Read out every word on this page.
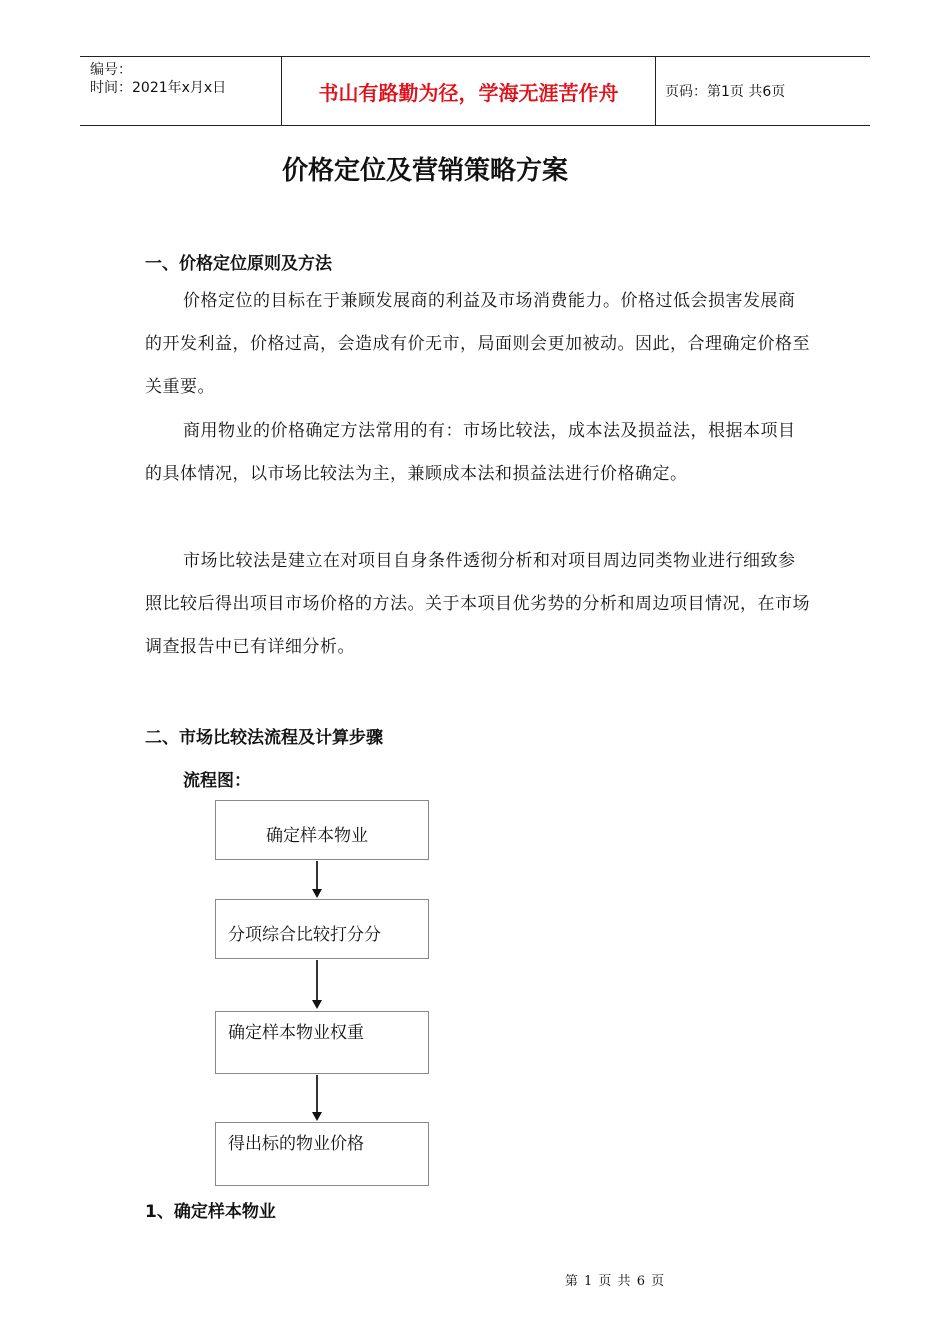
编号：
时间：2021年x月x日	书山有路勤为径，学海无涯苦作舟	页码：第1页 共6页
价格定位及营销策略方案
一、价格定位原则及方法
价格定位的目标在于兼顾发展商的利益及市场消费能力。价格过低会损害发展商的开发利益，价格过高，会造成有价无市，局面则会更加被动。因此，合理确定价格至关重要。
商用物业的价格确定方法常用的有：市场比较法，成本法及损益法，根据本项目的具体情况，以市场比较法为主，兼顾成本法和损益法进行价格确定。
市场比较法是建立在对项目自身条件透彻分析和对项目周边同类物业进行细致参照比较后得出项目市场价格的方法。关于本项目优劣势的分析和周边项目情况，在市场调查报告中已有详细分析。
二、市场比较法流程及计算步骤
流程图：
确定样本物业
分项综合比较打分分
确定样本物业权重
得出标的物业价格
1、确定样本物业
第 1 页 共 6 页
